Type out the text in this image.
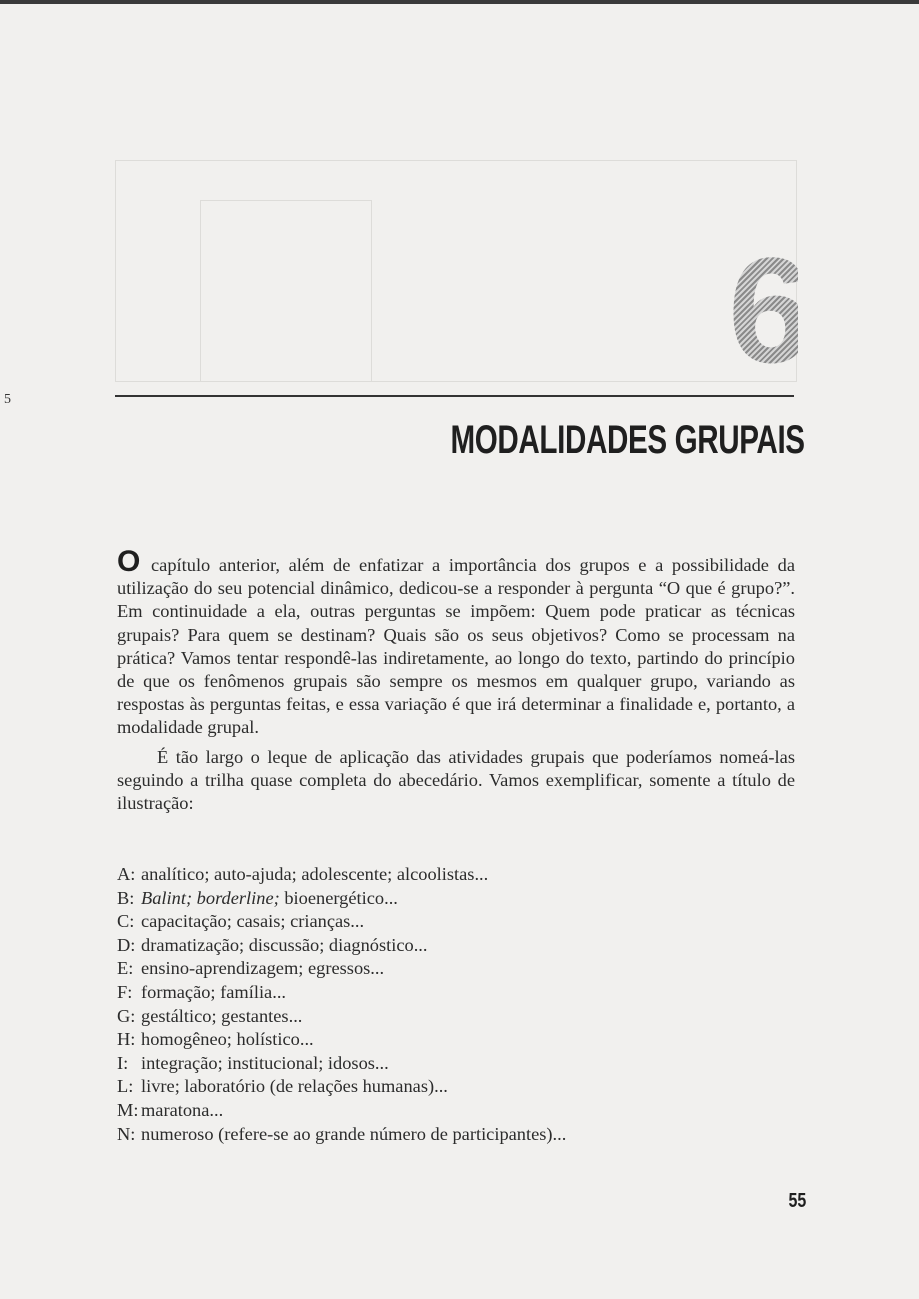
5
6
MODALIDADES GRUPAIS

O capítulo anterior, além de enfatizar a importância dos grupos e a possibilidade da utilização do seu potencial dinâmico, dedicou-se a responder à pergunta “O que é grupo?”. Em continuidade a ela, outras perguntas se impõem: Quem pode praticar as técnicas grupais? Para quem se destinam? Quais são os seus objetivos? Como se processam na prática? Vamos tentar respondê-las indiretamente, ao longo do texto, partindo do princípio de que os fenômenos grupais são sempre os mesmos em qualquer grupo, variando as respostas às perguntas feitas, e essa variação é que irá determinar a finalidade e, portanto, a modalidade grupal.

É tão largo o leque de aplicação das atividades grupais que poderíamos nomeá-las seguindo a trilha quase completa do abecedário. Vamos exemplificar, somente a título de ilustração:

A: analítico; auto-ajuda; adolescente; alcoolistas...
B: Balint; borderline; bioenergético...
C: capacitação; casais; crianças...
D: dramatização; discussão; diagnóstico...
E: ensino-aprendizagem; egressos...
F: formação; família...
G: gestáltico; gestantes...
H: homogêneo; holístico...
I: integração; institucional; idosos...
L: livre; laboratório (de relações humanas)...
M: maratona...
N: numeroso (refere-se ao grande número de participantes)...
55
